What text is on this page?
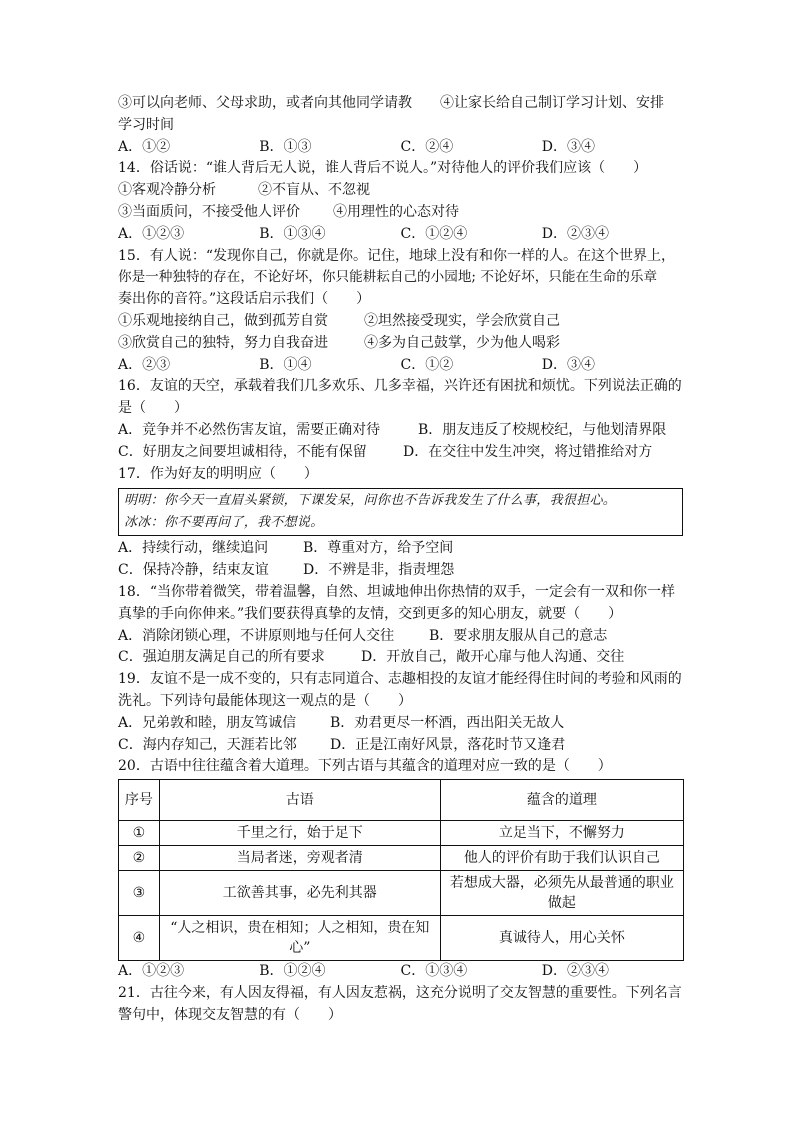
③可以向老师、父母求助，或者向其他同学请教　　④让家长给自己制订学习计划、安排
学习时间
A．①②	B．①③	C．②④	D．③④
14．俗话说：“谁人背后无人说，谁人背后不说人。”对待他人的评价我们应该（　　）
①客观冷静分析	②不盲从、不忽视
③当面质问，不接受他人评价	④用理性的心态对待
A．①②③	B．①③④	C．①②④	D．②③④
15．有人说：“发现你自己，你就是你。记住，地球上没有和你一样的人。在这个世界上，
你是一种独特的存在，不论好坏，你只能耕耘自己的小园地; 不论好坏，只能在生命的乐章
奏出你的音符。”这段话启示我们（　　）
①乐观地接纳自己，做到孤芳自赏	②坦然接受现实，学会欣赏自己
③欣赏自己的独特，努力自我奋进	④多为自己鼓掌，少为他人喝彩
A．②③	B．①④	C．①②	D．③④
16．友谊的天空，承载着我们几多欢乐、几多幸福，兴许还有困扰和烦忧。下列说法正确的
是（　　）
A．竞争并不必然伤害友谊，需要正确对待	B．朋友违反了校规校纪，与他划清界限
C．好朋友之间要坦诚相待，不能有保留	D．在交往中发生冲突，将过错推给对方
17．作为好友的明明应（　　）
明明：你今天一直眉头紧锁，下课发呆，问你也不告诉我发生了什么事，我很担心。
冰冰：你不要再问了，我不想说。
A．持续行动，继续追问	B．尊重对方，给予空间
C．保持冷静，结束友谊	D．不辨是非，指责埋怨
18．“当你带着微笑，带着温馨，自然、坦诚地伸出你热情的双手，一定会有一双和你一样
真挚的手向你伸来。”我们要获得真挚的友情，交到更多的知心朋友，就要（　　）
A．消除闭锁心理，不讲原则地与任何人交往	B．要求朋友服从自己的意志
C．强迫朋友满足自己的所有要求	D．开放自己，敞开心扉与他人沟通、交往
19．友谊不是一成不变的，只有志同道合、志趣相投的友谊才能经得住时间的考验和风雨的
洗礼。下列诗句最能体现这一观点的是（　　）
A．兄弟敦和睦，朋友笃诚信	B．劝君更尽一杯酒，西出阳关无故人
C．海内存知己，天涯若比邻	D．正是江南好风景，落花时节又逢君
20．古语中往往蕴含着大道理。下列古语与其蕴含的道理对应一致的是（　　）
序号	古语	蕴含的道理
①	千里之行，始于足下	立足当下，不懈努力
②	当局者迷，旁观者清	他人的评价有助于我们认识自己
③	工欲善其事，必先利其器	若想成大器，必须先从最普通的职业做起
④	“人之相识，贵在相知；人之相知，贵在知心”	真诚待人，用心关怀
A．①②③	B．①②④	C．①③④	D．②③④
21．古往今来，有人因友得福，有人因友惹祸，这充分说明了交友智慧的重要性。下列名言
警句中，体现交友智慧的有（　　）
